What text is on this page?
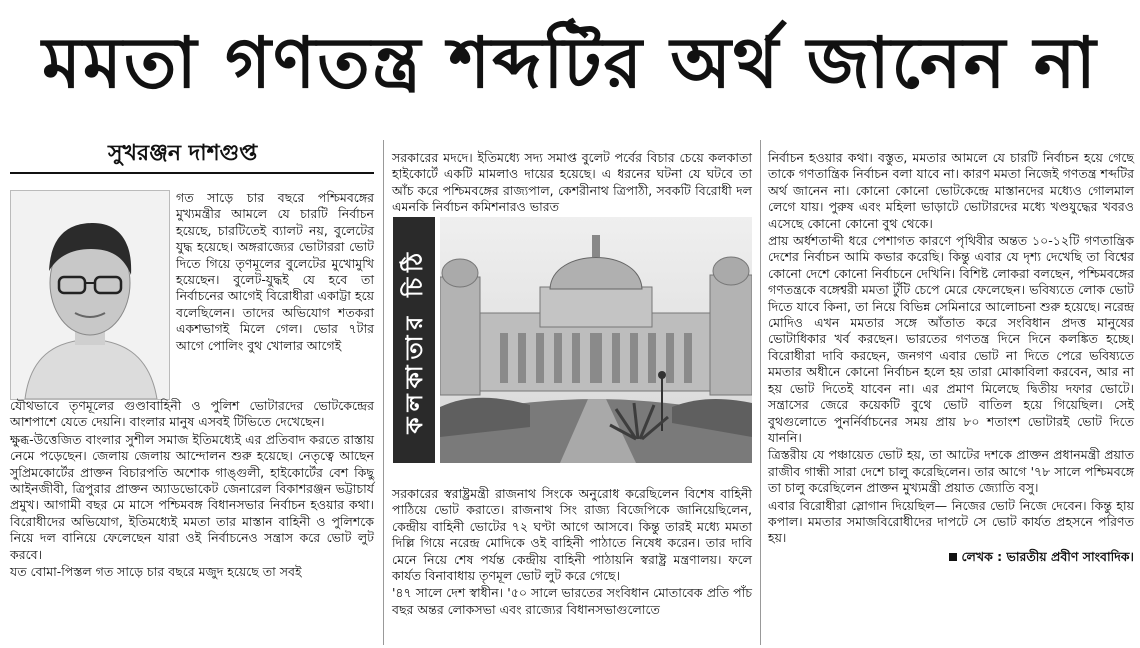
মমতা গণতন্ত্র শব্দটির অর্থ জানেন না
সুখরঞ্জন দাশগুপ্ত

গত সাড়ে চার বছরে পশ্চিমবঙ্গের মুখ্যমন্ত্রীর আমলে যে চারটি নির্বাচন হয়েছে, চারটিতেই ব্যালট নয়, বুলেটের যুদ্ধ হয়েছে। অঙ্গরাজ্যের ভোটাররা ভোট দিতে গিয়ে তৃণমূলের বুলেটের মুখোমুখি হয়েছেন। বুলেট-যুদ্ধই যে হবে তা নির্বাচনের আগেই বিরোধীরা একাট্টা হয়ে বলেছিলেন। তাদের অভিযোগ শতকরা একশভাগই মিলে গেল। ভোর ৭টার আগে পোলিং বুথ খোলার আগেই

যৌথভাবে তৃণমূলের গুণ্ডাবাহিনী ও পুলিশ ভোটারদের ভোটকেন্দ্রের আশপাশে যেতে দেয়নি। বাংলার মানুষ এসবই টিভিতে দেখেছেন।

ক্ষুব্ধ-উত্তেজিত বাংলার সুশীল সমাজ ইতিমধ্যেই এর প্রতিবাদ করতে রাস্তায় নেমে পড়েছেন। জেলায় জেলায় আন্দোলন শুরু হয়েছে। নেতৃত্বে আছেন সুপ্রিমকোর্টের প্রাক্তন বিচারপতি অশোক গাঙ্গুলী, হাইকোর্টের বেশ কিছু আইনজীবী, ত্রিপুরার প্রাক্তন অ্যাডভোকেট জেনারেল বিকাশরঞ্জন ভট্টাচার্য প্রমুখ। আগামী বছর মে মাসে পশ্চিমবঙ্গ বিধানসভার নির্বাচন হওয়ার কথা। বিরোধীদের অভিযোগ, ইতিমধ্যেই মমতা তার মাস্তান বাহিনী ও পুলিশকে নিয়ে দল বানিয়ে ফেলেছেন যারা ওই নির্বাচনেও সন্ত্রাস করে ভোট লুট করবে।

যত বোমা-পিস্তল গত সাড়ে চার বছরে মজুদ হয়েছে তা সবই

সরকারের মদদে। ইতিমধ্যে সদ্য সমাপ্ত বুলেট পর্বের বিচার চেয়ে কলকাতা হাইকোর্টে একটি মামলাও দায়ের হয়েছে। এ ধরনের ঘটনা যে ঘটবে তা আঁচ করে পশ্চিমবঙ্গের রাজ্যপাল, কেশরীনাথ ত্রিপাঠী, সবকটি বিরোধী দল এমনকি নির্বাচন কমিশনারও ভারত

কলকাতার চিঠি

সরকারের স্বরাষ্ট্রমন্ত্রী রাজনাথ সিংকে অনুরোধ করেছিলেন বিশেষ বাহিনী পাঠিয়ে ভোট করাতে। রাজনাথ সিং রাজ্য বিজেপিকে জানিয়েছিলেন, কেন্দ্রীয় বাহিনী ভোটের ৭২ ঘণ্টা আগে আসবে। কিন্তু তারই মধ্যে মমতা দিল্লি গিয়ে নরেন্দ্র মোদিকে ওই বাহিনী পাঠাতে নিষেধ করেন। তার দাবি মেনে নিয়ে শেষ পর্যন্ত কেন্দ্রীয় বাহিনী পাঠায়নি স্বরাষ্ট্র মন্ত্রণালয়। ফলে কার্যত বিনাবাধায় তৃণমূল ভোট লুট করে গেছে।

'৪৭ সালে দেশ স্বাধীন। '৫০ সালে ভারতের সংবিধান মোতাবেক প্রতি পাঁচ বছর অন্তর লোকসভা এবং রাজ্যের বিধানসভাগুলোতে

নির্বাচন হওয়ার কথা। বস্তুত, মমতার আমলে যে চারটি নির্বাচন হয়ে গেছে তাকে গণতান্ত্রিক নির্বাচন বলা যাবে না। কারণ মমতা নিজেই গণতন্ত্র শব্দটির অর্থ জানেন না। কোনো কোনো ভোটকেন্দ্রে মাস্তানদের মধ্যেও গোলমাল লেগে যায়। পুরুষ এবং মহিলা ভাড়াটে ভোটারদের মধ্যে খণ্ডযুদ্ধের খবরও এসেছে কোনো কোনো বুথ থেকে।

প্রায় অর্ধশতাব্দী ধরে পেশাগত কারণে পৃথিবীর অন্তত ১০-১২টি গণতান্ত্রিক দেশের নির্বাচন আমি কভার করেছি। কিন্তু এবার যে দৃশ্য দেখেছি তা বিশ্বের কোনো দেশে কোনো নির্বাচনে দেখিনি। বিশিষ্ট লোকরা বলছেন, পশ্চিমবঙ্গের গণতন্ত্রকে বঙ্গেশ্বরী মমতা টুঁটি চেপে মেরে ফেলেছেন। ভবিষ্যতে লোক ভোট দিতে যাবে কিনা, তা নিয়ে বিভিন্ন সেমিনারে আলোচনা শুরু হয়েছে। নরেন্দ্র মোদিও এখন মমতার সঙ্গে আঁতাত করে সংবিধান প্রদত্ত মানুষের ভোটাধিকার খর্ব করছেন। ভারতের গণতন্ত্র দিনে দিনে কলঙ্কিত হচ্ছে। বিরোধীরা দাবি করছেন, জনগণ এবার ভোট না দিতে পেরে ভবিষ্যতে মমতার অধীনে কোনো নির্বাচন হলে হয় তারা মোকাবিলা করবেন, আর না হয় ভোট দিতেই যাবেন না। এর প্রমাণ মিলেছে দ্বিতীয় দফার ভোটে। সন্ত্রাসের জেরে কয়েকটি বুথে ভোট বাতিল হয়ে গিয়েছিল। সেই বুথগুলোতে পুনর্নির্বাচনের সময় প্রায় ৮০ শতাংশ ভোটারই ভোট দিতে যাননি।

ত্রিস্তরীয় যে পঞ্চায়েত ভোট হয়, তা আটের দশকে প্রাক্তন প্রধানমন্ত্রী প্রয়াত রাজীব গান্ধী সারা দেশে চালু করেছিলেন। তার আগে '৭৮ সালে পশ্চিমবঙ্গে তা চালু করেছিলেন প্রাক্তন মুখ্যমন্ত্রী প্রয়াত জ্যোতি বসু।

এবার বিরোধীরা স্লোগান দিয়েছিল— নিজের ভোট নিজে দেবেন। কিন্তু হায় কপাল। মমতার সমাজবিরোধীদের দাপটে সে ভোট কার্যত প্রহসনে পরিণত হয়।

লেখক : ভারতীয় প্রবীণ সাংবাদিক।
